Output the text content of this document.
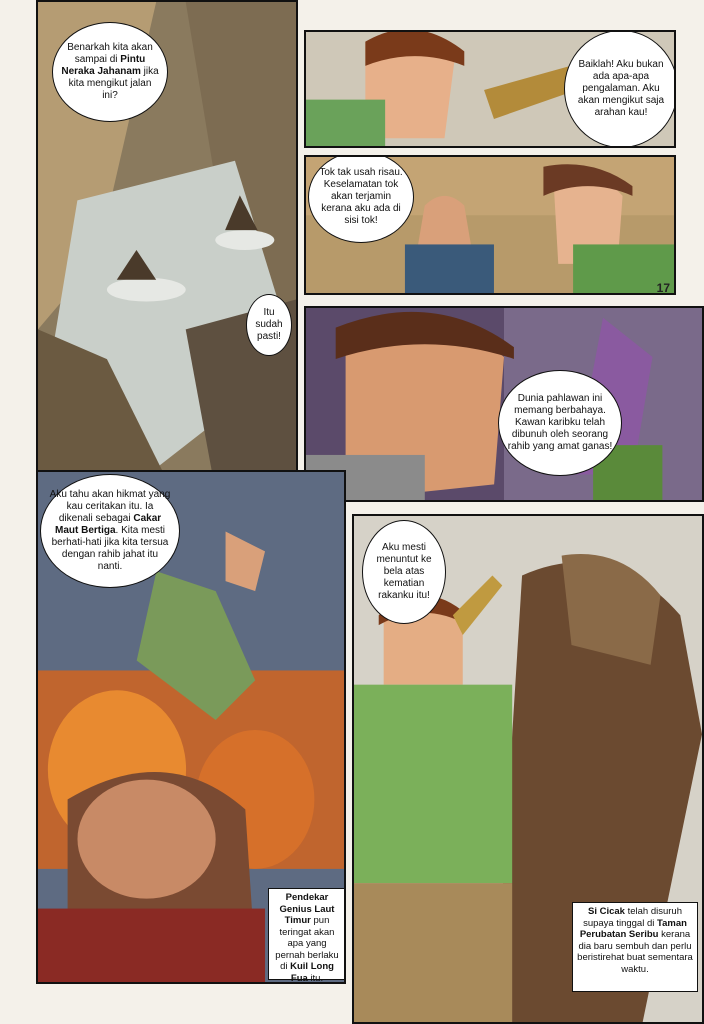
Benarkah kita akan sampai di Pintu Neraka Jahanam jika kita mengikut jalan ini?
Itu sudah pasti!
Baiklah! Aku bukan ada apa-apa pengalaman. Aku akan mengikut saja arahan kau!
Tok tak usah risau. Keselamatan tok akan terjamin kerana aku ada di sisi tok!
17
Dunia pahlawan ini memang berbahaya. Kawan karibku telah dibunuh oleh seorang rahib yang amat ganas!
Aku tahu akan hikmat yang kau ceritakan itu. Ia dikenali sebagai Cakar Maut Bertiga. Kita mesti berhati-hati jika kita tersua dengan rahib jahat itu nanti.
Pendekar Genius Laut Timur pun teringat akan apa yang pernah berlaku di Kuil Long Fua itu.
Aku mesti menuntut ke bela atas kematian rakanku itu!
Si Cicak telah disuruh supaya tinggal di Taman Perubatan Seribu kerana dia baru sembuh dan perlu beristirehat buat sementara waktu.
